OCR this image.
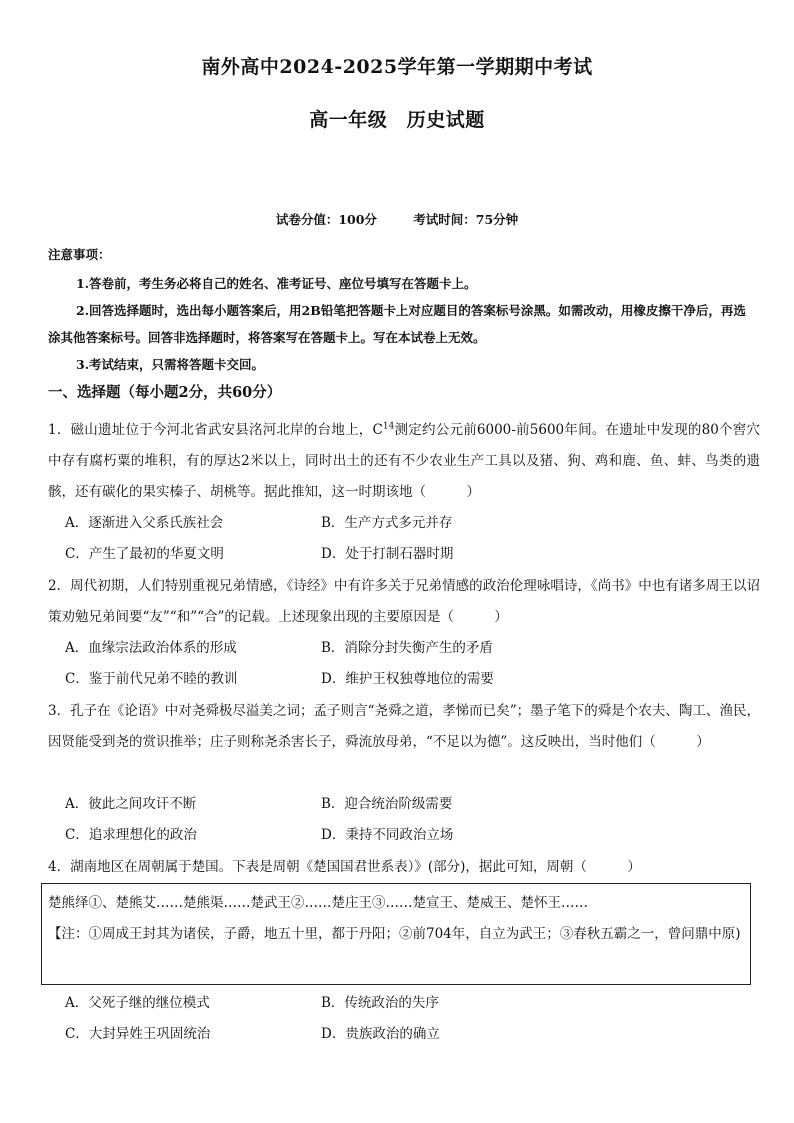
南外高中2024-2025学年第一学期期中考试
高一年级　历史试题
试卷分值：100分	考试时间：75分钟
注意事项：
1.答卷前，考生务必将自己的姓名、准考证号、座位号填写在答题卡上。
2.回答选择题时，选出每小题答案后，用2B铅笔把答题卡上对应题目的答案标号涂黑。如需改动，用橡皮擦干净后，再选涂其他答案标号。回答非选择题时，将答案写在答题卡上。写在本试卷上无效。
3.考试结束，只需将答题卡交回。
一、选择题（每小题2分，共60分）
1．磁山遗址位于今河北省武安县洺河北岸的台地上，$C^{14}$测定约公元前6000-前5600年间。在遗址中发现的80个窖穴中存有腐朽粟的堆积，有的厚达2米以上，同时出土的还有不少农业生产工具以及猪、狗、鸡和鹿、鱼、蚌、鸟类的遗骸，还有碳化的果实榛子、胡桃等。据此推知，这一时期该地（　　　）
A．逐渐进入父系氏族社会	B．生产方式多元并存
C．产生了最初的华夏文明	D．处于打制石器时期
2．周代初期，人们特别重视兄弟情感，《诗经》中有许多关于兄弟情感的政治伦理咏唱诗，《尚书》中也有诸多周王以诏策劝勉兄弟间要“友”“和”“合”的记载。上述现象出现的主要原因是（　　　）
A．血缘宗法政治体系的形成	B．消除分封失衡产生的矛盾
C．鉴于前代兄弟不睦的教训	D．维护王权独尊地位的需要
3．孔子在《论语》中对尧舜极尽溢美之词；孟子则言“尧舜之道，孝悌而已矣”；墨子笔下的舜是个农夫、陶工、渔民，因贤能受到尧的赏识推举；庄子则称尧杀害长子，舜流放母弟，“不足以为德”。这反映出，当时他们（　　　）
A．彼此之间攻讦不断	B．迎合统治阶级需要
C．追求理想化的政治	D．秉持不同政治立场
4．湖南地区在周朝属于楚国。下表是周朝《楚国国君世系表）》(部分)，据此可知，周朝（　　　）
楚熊绎①、楚熊艾……楚熊渠……楚武王②……楚庄王③……楚宣王、楚威王、楚怀王……
【注：①周成王封其为诸侯，子爵，地五十里，都于丹阳；②前704年，自立为武王；③春秋五霸之一，曾问鼎中原)
A．父死子继的继位模式	B．传统政治的失序
C．大封异姓王巩固统治	D．贵族政治的确立
